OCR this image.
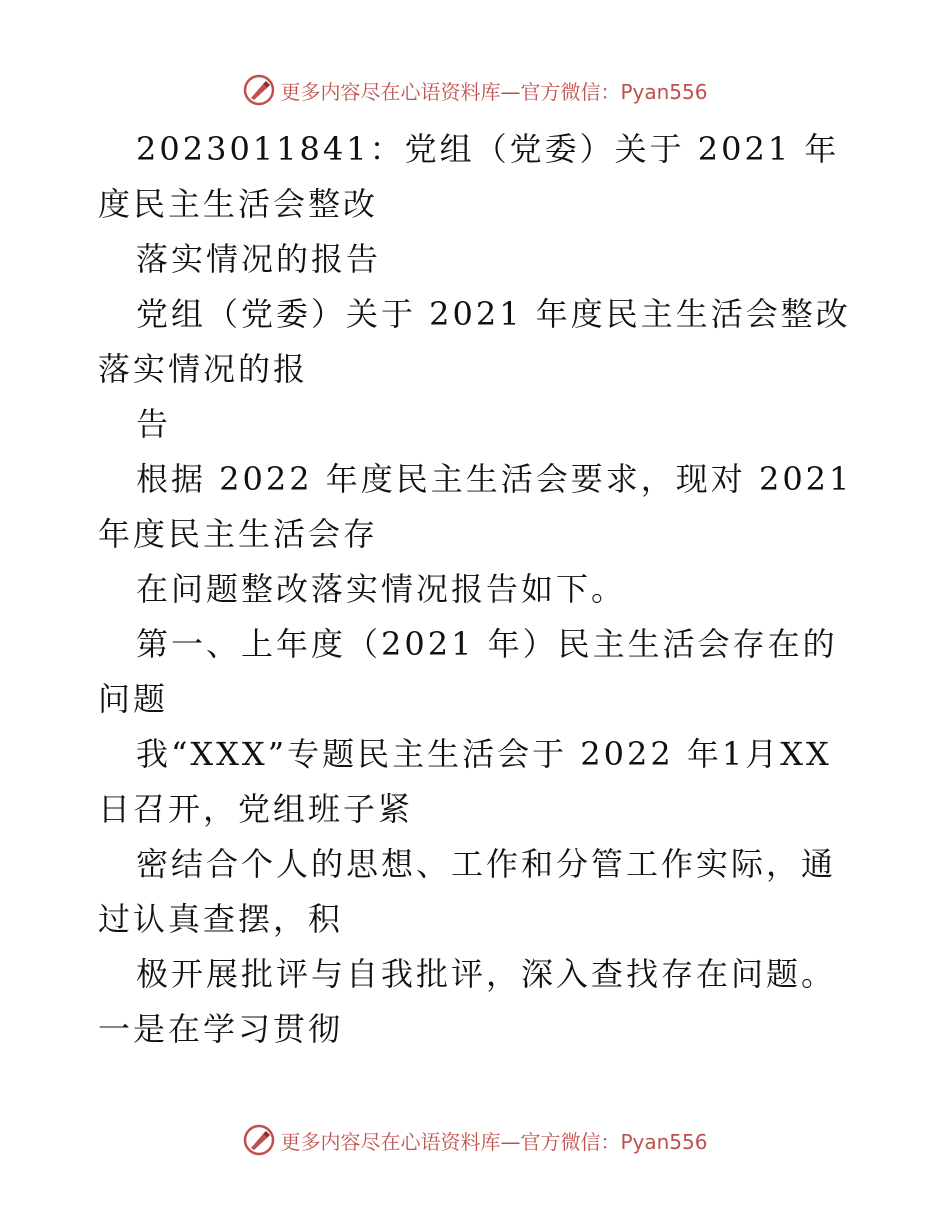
更多内容尽在心语资料库—官方微信：Pyan556

2023011841：党组（党委）关于 2021 年度民主生活会整改

落实情况的报告

党组（党委）关于 2021 年度民主生活会整改落实情况的报

告

根据 2022 年度民主生活会要求，现对 2021 年度民主生活会存

在问题整改落实情况报告如下。

第一、上年度（2021 年）民主生活会存在的问题

我“XXX”专题民主生活会于 2022 年1月XX 日召开，党组班子紧

密结合个人的思想、工作和分管工作实际，通过认真查摆，积

极开展批评与自我批评，深入查找存在问题。一是在学习贯彻

更多内容尽在心语资料库—官方微信：Pyan556
